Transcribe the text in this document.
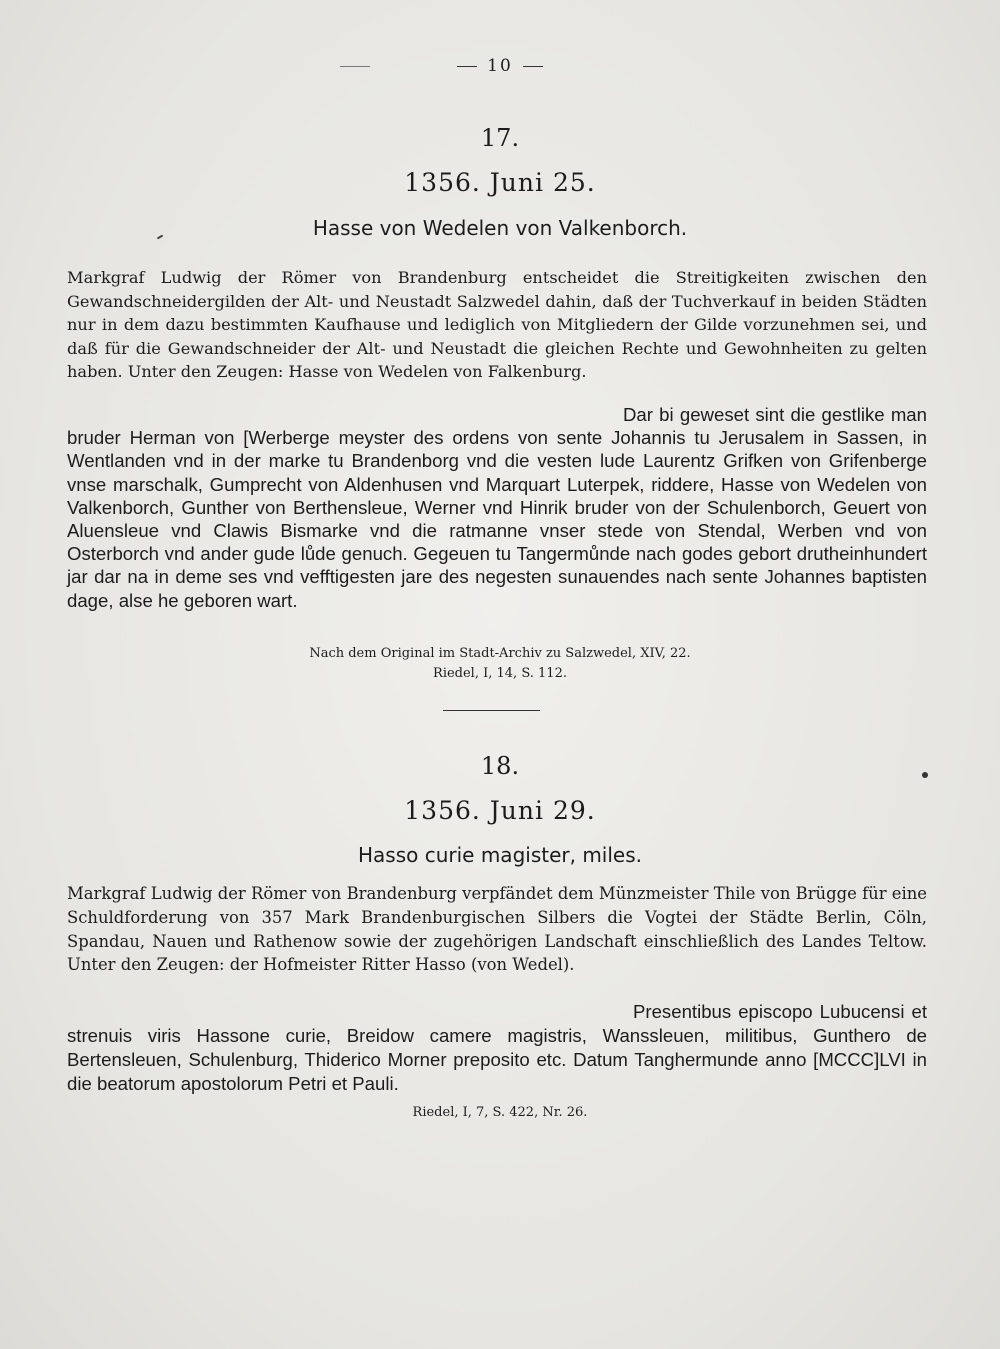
10
17.
1356. Juni 25.
Hasse von Wedelen von Valkenborch.
Markgraf Ludwig der Römer von Brandenburg entscheidet die Streitigkeiten zwischen den Gewandschneidergilden der Alt- und Neustadt Salzwedel dahin, daß der Tuchverkauf in beiden Städten nur in dem dazu bestimmten Kaufhause und lediglich von Mitgliedern der Gilde vorzunehmen sei, und daß für die Gewandschneider der Alt- und Neustadt die gleichen Rechte und Gewohnheiten zu gelten haben. Unter den Zeugen: Hasse von Wedelen von Falkenburg.
Dar bi geweset sint die gestlike man bruder Herman von [Werberge meyster des ordens von sente Johannis tu Jerusalem in Sassen, in Wentlanden vnd in der marke tu Brandenborg vnd die vesten lude Laurentz Grifken von Grifenberge vnse marschalk, Gumprecht von Aldenhusen vnd Marquart Luterpek, riddere, Hasse von Wedelen von Valkenborch, Gunther von Berthensleue, Werner vnd Hinrik bruder von der Schulenborch, Geuert von Aluensleue vnd Clawis Bismarke vnd die ratmanne vnser stede von Stendal, Werben vnd von Osterborch vnd ander gude lůde genuch. Gegeuen tu Tangermůnde nach godes gebort drutheinhundert jar dar na in deme ses vnd vefftigesten jare des negesten sunauendes nach sente Johannes baptisten dage, alse he geboren wart.
Nach dem Original im Stadt-Archiv zu Salzwedel, XIV, 22.
Riedel, I, 14, S. 112.
18.
1356. Juni 29.
Hasso curie magister, miles.
Markgraf Ludwig der Römer von Brandenburg verpfändet dem Münzmeister Thile von Brügge für eine Schuldforderung von 357 Mark Brandenburgischen Silbers die Vogtei der Städte Berlin, Cöln, Spandau, Nauen und Rathenow sowie der zugehörigen Landschaft einschließlich des Landes Teltow. Unter den Zeugen: der Hofmeister Ritter Hasso (von Wedel).
Presentibus episcopo Lubucensi et strenuis viris Hassone curie, Breidow camere magistris, Wanssleuen, militibus, Gunthero de Bertensleuen, Schulenburg, Thiderico Morner preposito etc. Datum Tanghermunde anno [MCCC]LVI in die beatorum apostolorum Petri et Pauli.
Riedel, I, 7, S. 422, Nr. 26.
